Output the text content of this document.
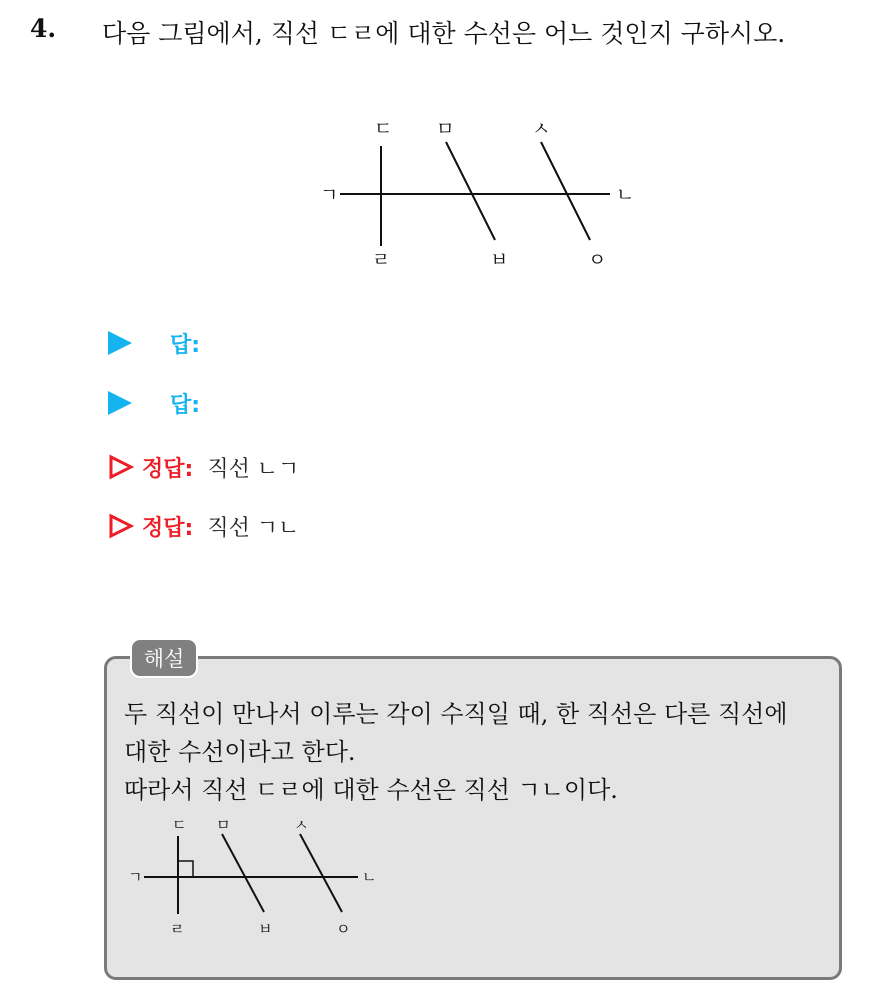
4. 다음 그림에서, 직선 ㄷㄹ에 대한 수선은 어느 것인지 구하시오.
ㄷ ㅁ	ㅅ
ㄱ	ㄴ
ㄹ	ㅂ	ㅇ
답:
답:
정답: 직선 ㄴㄱ
정답: 직선 ㄱㄴ
해설
두 직선이 만나서 이루는 각이 수직일 때, 한 직선은 다른 직선에
대한 수선이라고 한다.
따라서 직선 ㄷㄹ에 대한 수선은 직선 ㄱㄴ이다.
ㄷ ㅁ	ㅅ
ㄱ	ㄴ
ㄹ	ㅂ	ㅇ
